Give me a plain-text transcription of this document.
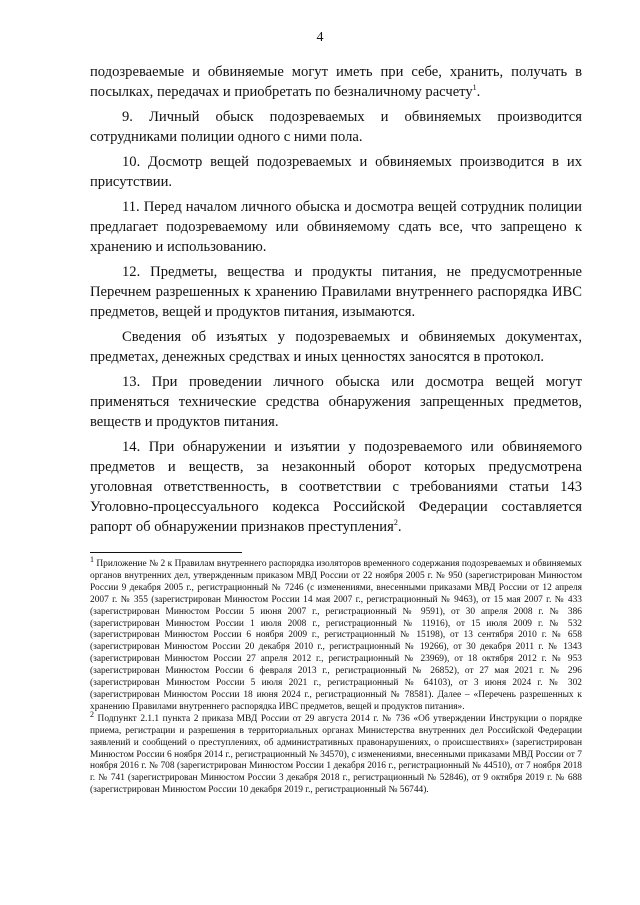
4

подозреваемые и обвиняемые могут иметь при себе, хранить, получать в посылках, передачах и приобретать по безналичному расчету$^1$.

9. Личный обыск подозреваемых и обвиняемых производится сотрудниками полиции одного с ними пола.

10. Досмотр вещей подозреваемых и обвиняемых производится в их присутствии.

11. Перед началом личного обыска и досмотра вещей сотрудник полиции предлагает подозреваемому или обвиняемому сдать все, что запрещено к хранению и использованию.

12. Предметы, вещества и продукты питания, не предусмотренные Перечнем разрешенных к хранению Правилами внутреннего распорядка ИВС предметов, вещей и продуктов питания, изымаются.

Сведения об изъятых у подозреваемых и обвиняемых документах, предметах, денежных средствах и иных ценностях заносятся в протокол.

13. При проведении личного обыска или досмотра вещей могут применяться технические средства обнаружения запрещенных предметов, веществ и продуктов питания.

14. При обнаружении и изъятии у подозреваемого или обвиняемого предметов и веществ, за незаконный оборот которых предусмотрена уголовная ответственность, в соответствии с требованиями статьи 143 Уголовно-процессуального кодекса Российской Федерации составляется рапорт об обнаружении признаков преступления$^2$.

$^1$ Приложение № 2 к Правилам внутреннего распорядка изоляторов временного содержания подозреваемых и обвиняемых органов внутренних дел, утвержденным приказом МВД России от 22 ноября 2005 г. № 950 (зарегистрирован Минюстом России 9 декабря 2005 г., регистрационный № 7246 (с изменениями, внесенными приказами МВД России от 12 апреля 2007 г. № 355 (зарегистрирован Минюстом России 14 мая 2007 г., регистрационный № 9463), от 15 мая 2007 г. № 433 (зарегистрирован Минюстом России 5 июня 2007 г., регистрационный № 9591), от 30 апреля 2008 г. № 386 (зарегистрирован Минюстом России 1 июля 2008 г., регистрационный № 11916), от 15 июля 2009 г. № 532 (зарегистрирован Минюстом России 6 ноября 2009 г., регистрационный № 15198), от 13 сентября 2010 г. № 658 (зарегистрирован Минюстом России 20 декабря 2010 г., регистрационный № 19266), от 30 декабря 2011 г. № 1343 (зарегистрирован Минюстом России 27 апреля 2012 г., регистрационный № 23969), от 18 октября 2012 г. № 953 (зарегистрирован Минюстом России 6 февраля 2013 г., регистрационный № 26852), от 27 мая 2021 г. № 296 (зарегистрирован Минюстом России 5 июля 2021 г., регистрационный № 64103), от 3 июня 2024 г. № 302 (зарегистрирован Минюстом России 18 июня 2024 г., регистрационный № 78581). Далее – «Перечень разрешенных к хранению Правилами внутреннего распорядка ИВС предметов, вещей и продуктов питания».

$^2$ Подпункт 2.1.1 пункта 2 приказа МВД России от 29 августа 2014 г. № 736 «Об утверждении Инструкции о порядке приема, регистрации и разрешения в территориальных органах Министерства внутренних дел Российской Федерации заявлений и сообщений о преступлениях, об административных правонарушениях, о происшествиях» (зарегистрирован Минюстом России 6 ноября 2014 г., регистрационный № 34570), с изменениями, внесенными приказами МВД России от 7 ноября 2016 г. № 708 (зарегистрирован Минюстом России 1 декабря 2016 г., регистрационный № 44510), от 7 ноября 2018 г. № 741 (зарегистрирован Минюстом России 3 декабря 2018 г., регистрационный № 52846), от 9 октября 2019 г. № 688 (зарегистрирован Минюстом России 10 декабря 2019 г., регистрационный № 56744).
